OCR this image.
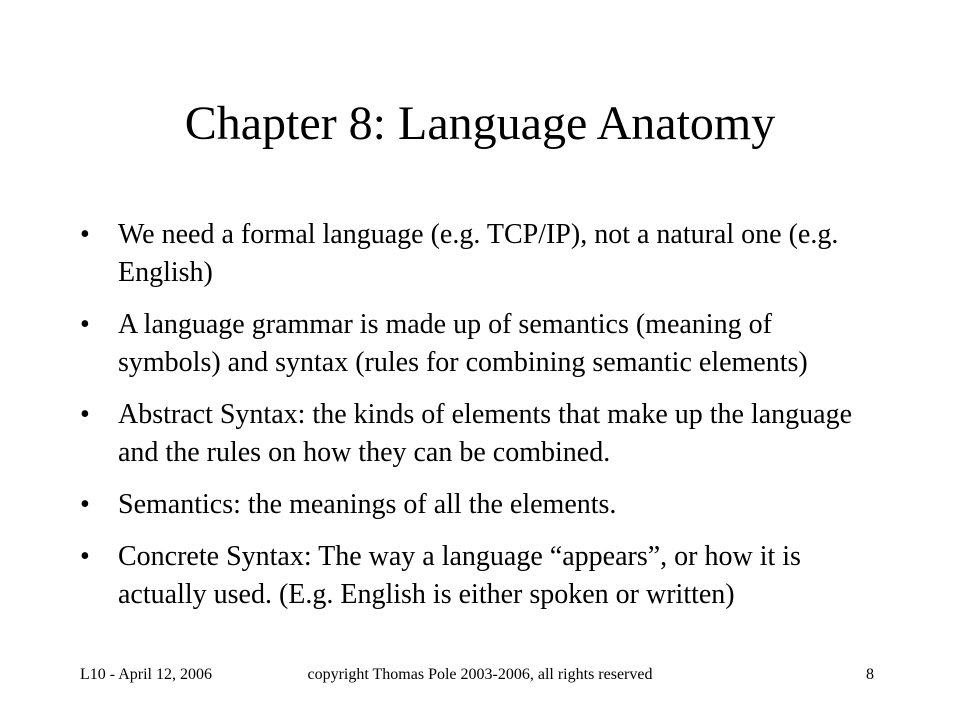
Chapter 8: Language Anatomy
• We need a formal language (e.g. TCP/IP), not a natural one (e.g. English)
• A language grammar is made up of semantics (meaning of symbols) and syntax (rules for combining semantic elements)
• Abstract Syntax: the kinds of elements that make up the language and the rules on how they can be combined.
• Semantics: the meanings of all the elements.
• Concrete Syntax: The way a language “appears”, or how it is actually used. (E.g. English is either spoken or written)
L10 - April 12, 2006	copyright Thomas Pole 2003-2006, all rights reserved	8
